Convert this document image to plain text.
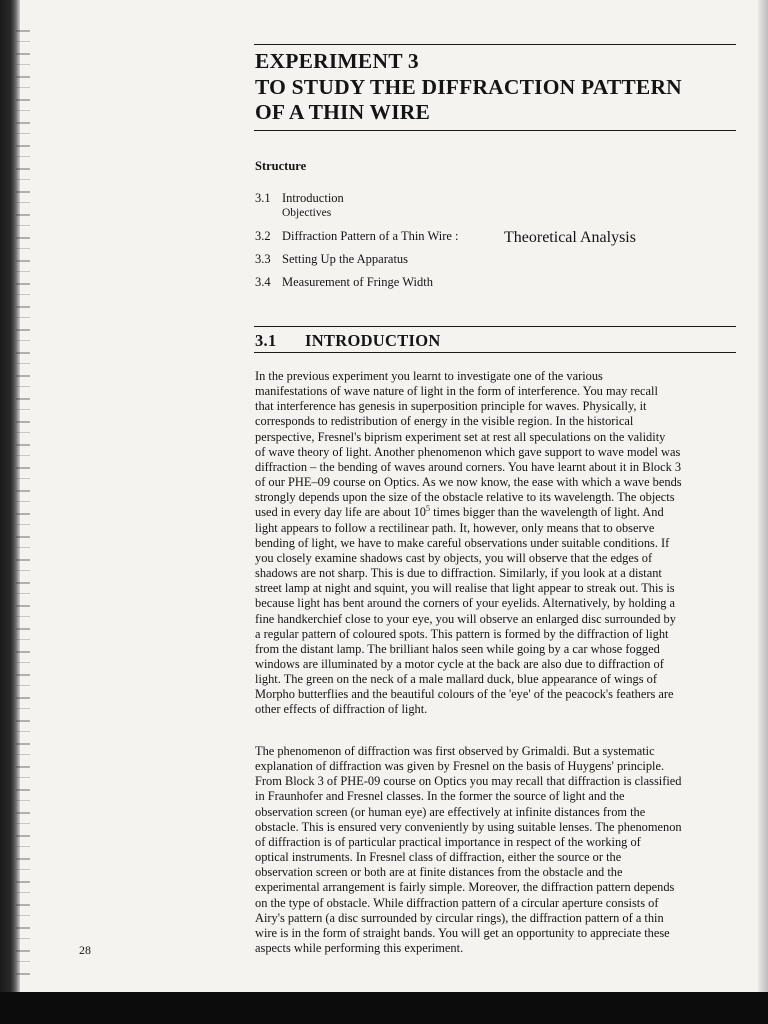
EXPERIMENT 3
TO STUDY THE DIFFRACTION PATTERN
OF A THIN WIRE
Structure
3.1 Introduction
Objectives
3.2 Diffraction Pattern of a Thin Wire :	Theoretical Analysis
3.3 Setting Up the Apparatus
3.4 Measurement of Fringe Width
3.1 INTRODUCTION
In the previous experiment you learnt to investigate one of the various
manifestations of wave nature of light in the form of interference. You may recall
that interference has genesis in superposition principle for waves. Physically, it
corresponds to redistribution of energy in the visible region. In the historical
perspective, Fresnel's biprism experiment set at rest all speculations on the validity
of wave theory of light. Another phenomenon which gave support to wave model was
diffraction – the bending of waves around corners. You have learnt about it in Block 3
of our PHE–09 course on Optics. As we now know, the ease with which a wave bends
strongly depends upon the size of the obstacle relative to its wavelength. The objects
used in every day life are about $10^5$ times bigger than the wavelength of light. And
light appears to follow a rectilinear path. It, however, only means that to observe
bending of light, we have to make careful observations under suitable conditions. If
you closely examine shadows cast by objects, you will observe that the edges of
shadows are not sharp. This is due to diffraction. Similarly, if you look at a distant
street lamp at night and squint, you will realise that light appear to streak out. This is
because light has bent around the corners of your eyelids. Alternatively, by holding a
fine handkerchief close to your eye, you will observe an enlarged disc surrounded by
a regular pattern of coloured spots. This pattern is formed by the diffraction of light
from the distant lamp. The brilliant halos seen while going by a car whose fogged
windows are illuminated by a motor cycle at the back are also due to diffraction of
light. The green on the neck of a male mallard duck, blue appearance of wings of
Morpho butterflies and the beautiful colours of the 'eye' of the peacock's feathers are
other effects of diffraction of light.
The phenomenon of diffraction was first observed by Grimaldi. But a systematic
explanation of diffraction was given by Fresnel on the basis of Huygens' principle.
From Block 3 of PHE-09 course on Optics you may recall that diffraction is classified
in Fraunhofer and Fresnel classes. In the former the source of light and the
observation screen (or human eye) are effectively at infinite distances from the
obstacle. This is ensured very conveniently by using suitable lenses. The phenomenon
of diffraction is of particular practical importance in respect of the working of
optical instruments. In Fresnel class of diffraction, either the source or the
observation screen or both are at finite distances from the obstacle and the
experimental arrangement is fairly simple. Moreover, the diffraction pattern depends
on the type of obstacle. While diffraction pattern of a circular aperture consists of
Airy's pattern (a disc surrounded by circular rings), the diffraction pattern of a thin
wire is in the form of straight bands. You will get an opportunity to appreciate these
aspects while performing this experiment.
28
